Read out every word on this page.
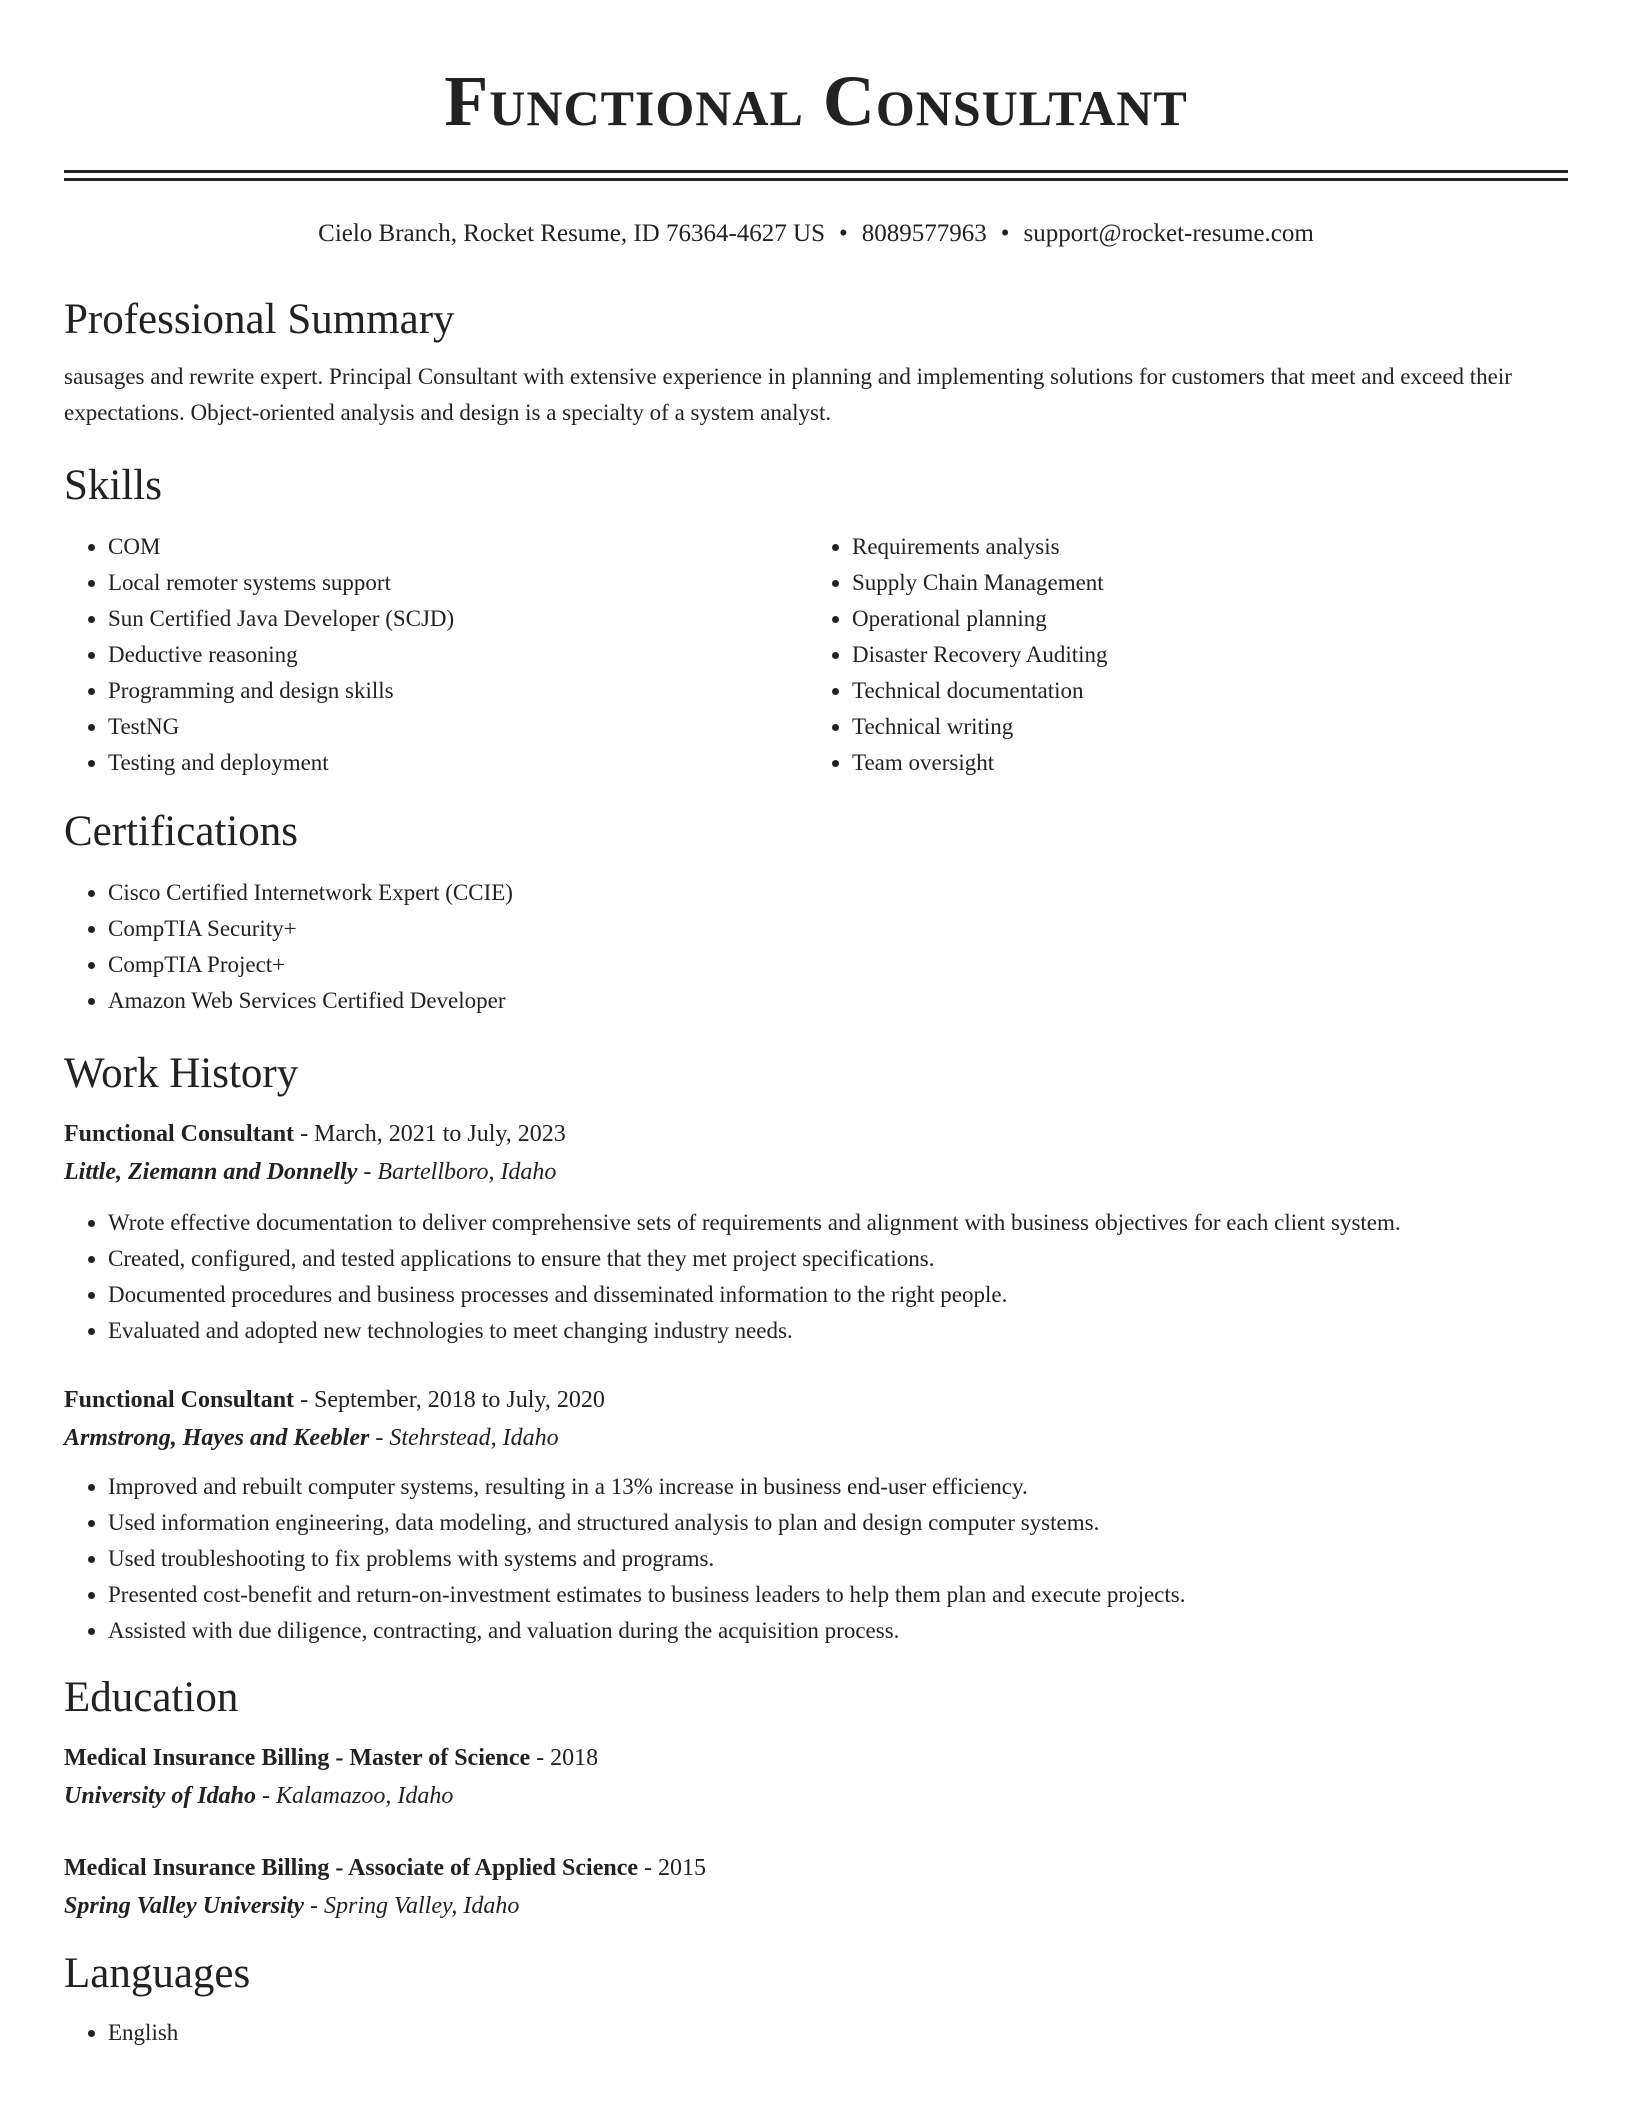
Functional Consultant
Cielo Branch, Rocket Resume, ID 76364-4627 US • 8089577963 • support@rocket-resume.com
Professional Summary

sausages and rewrite expert. Principal Consultant with extensive experience in planning and implementing solutions for customers that meet and exceed their expectations. Object-oriented analysis and design is a specialty of a system analyst.

Skills
• COM
• Local remoter systems support
• Sun Certified Java Developer (SCJD)
• Deductive reasoning
• Programming and design skills
• TestNG
• Testing and deployment
• Requirements analysis
• Supply Chain Management
• Operational planning
• Disaster Recovery Auditing
• Technical documentation
• Technical writing
• Team oversight
Certifications
• Cisco Certified Internetwork Expert (CCIE)
• CompTIA Security+
• CompTIA Project+
• Amazon Web Services Certified Developer
Work History
Functional Consultant - March, 2021 to July, 2023
Little, Ziemann and Donnelly - Bartellboro, Idaho
• Wrote effective documentation to deliver comprehensive sets of requirements and alignment with business objectives for each client system.
• Created, configured, and tested applications to ensure that they met project specifications.
• Documented procedures and business processes and disseminated information to the right people.
• Evaluated and adopted new technologies to meet changing industry needs.
Functional Consultant - September, 2018 to July, 2020
Armstrong, Hayes and Keebler - Stehrstead, Idaho
• Improved and rebuilt computer systems, resulting in a 13% increase in business end-user efficiency.
• Used information engineering, data modeling, and structured analysis to plan and design computer systems.
• Used troubleshooting to fix problems with systems and programs.
• Presented cost-benefit and return-on-investment estimates to business leaders to help them plan and execute projects.
• Assisted with due diligence, contracting, and valuation during the acquisition process.
Education
Medical Insurance Billing - Master of Science - 2018
University of Idaho - Kalamazoo, Idaho
Medical Insurance Billing - Associate of Applied Science - 2015
Spring Valley University - Spring Valley, Idaho
Languages
• English
